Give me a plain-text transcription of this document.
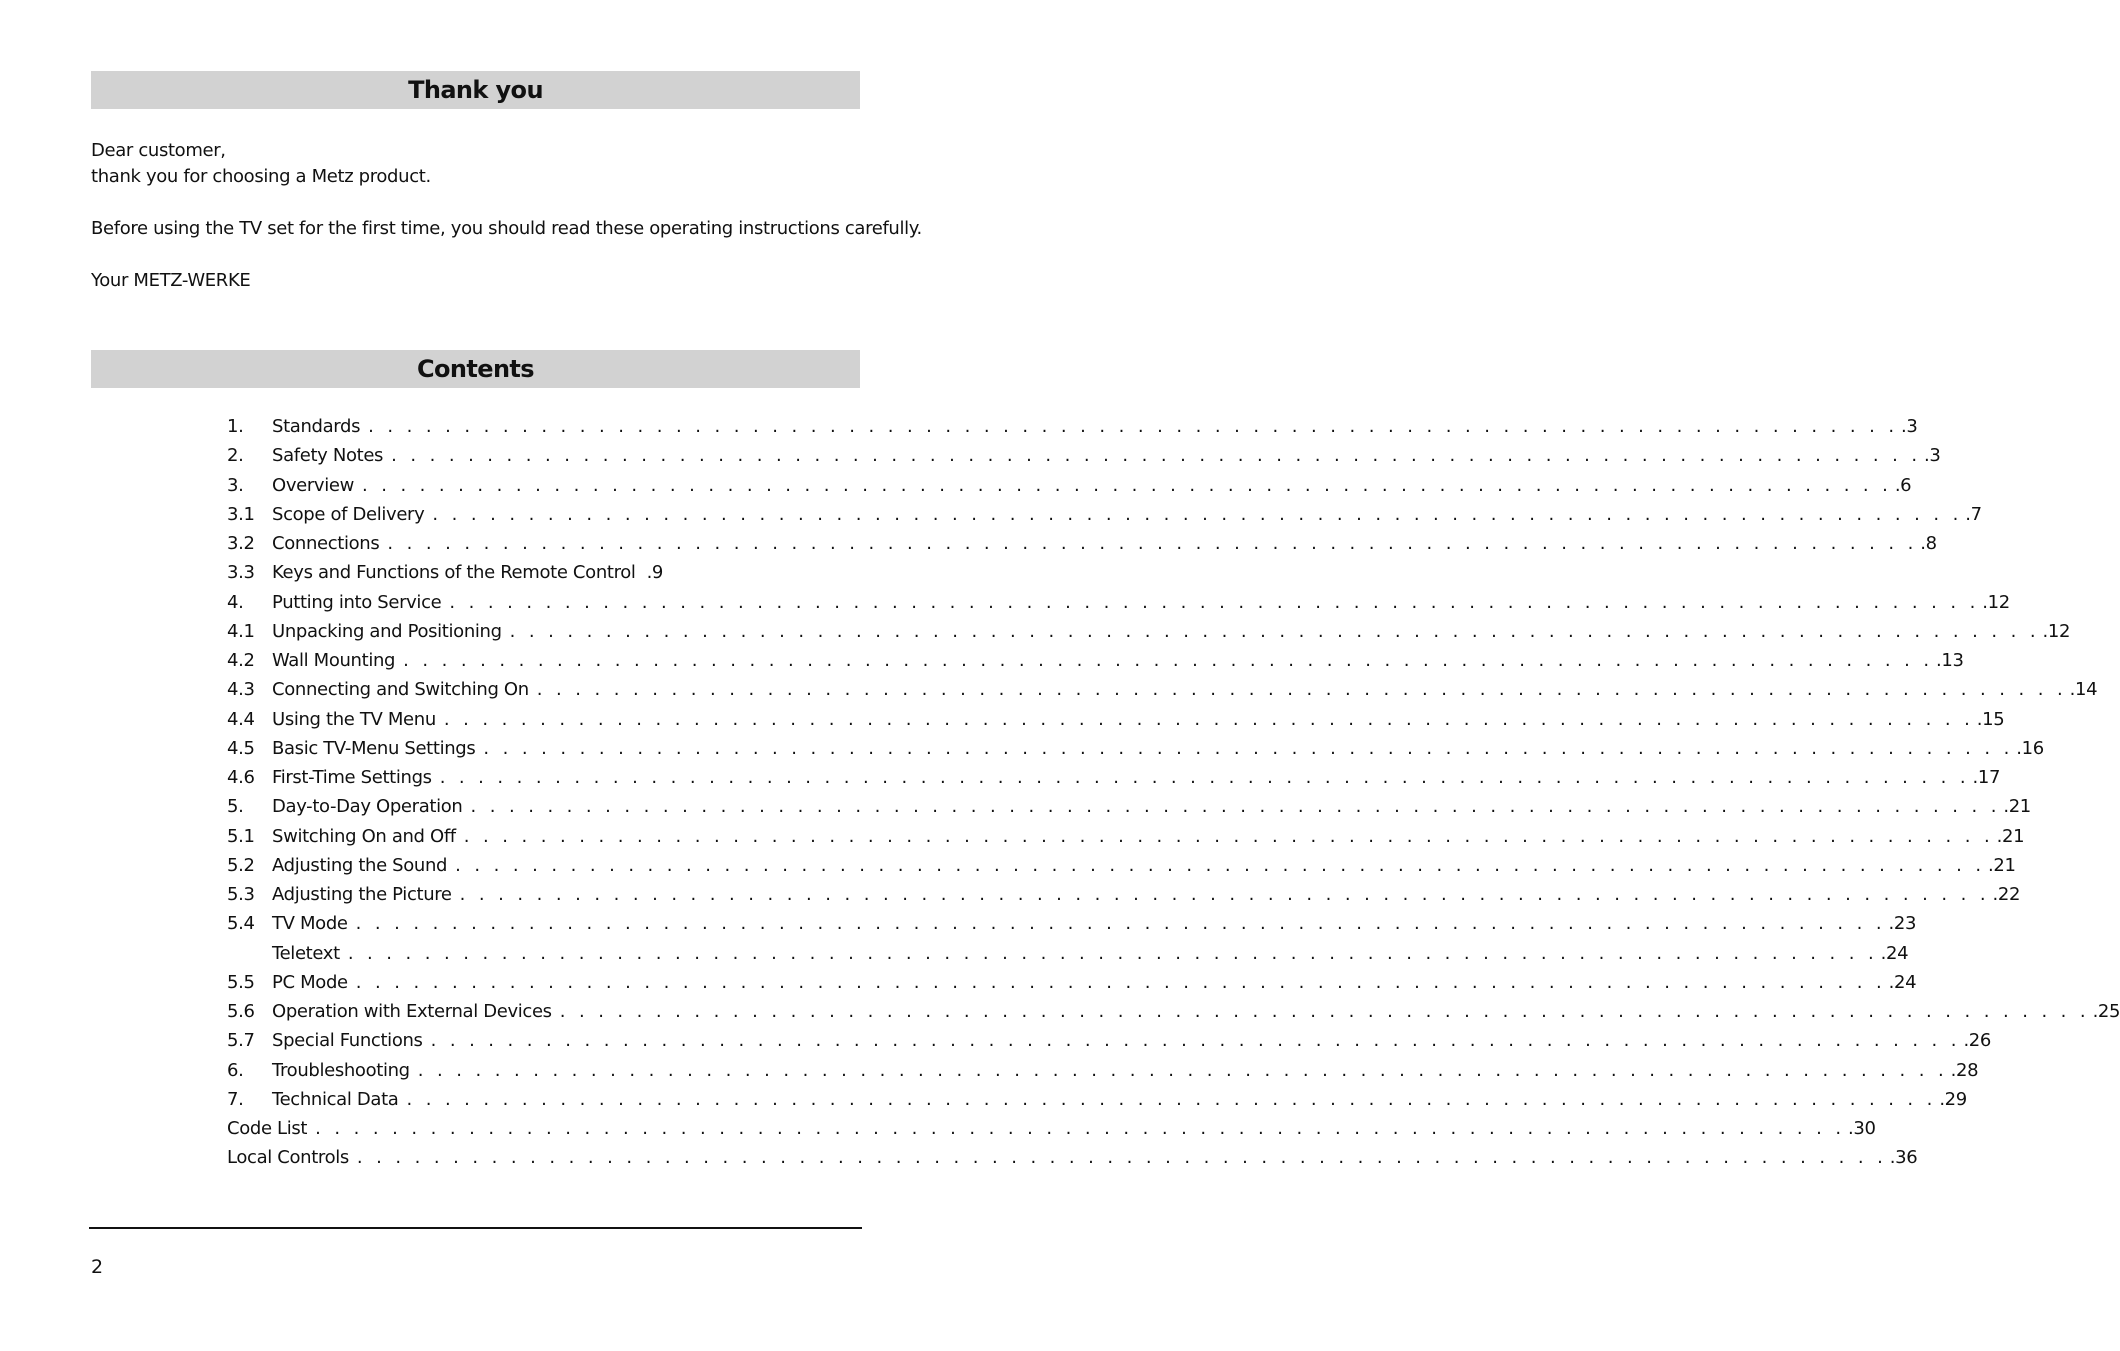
Thank you
Dear customer,
thank you for choosing a Metz product.
Before using the TV set for the first time, you should read these operating instructions carefully.
Your METZ-WERKE
Contents
1. Standards . . . . . . . . . . . . . . . . . . . . . . . . . . . . . . . . . . . . . . . . . . . . . . . . . . . . . . . . . . . . . . . . . . . . . . . . . . . . . . . . .3
2. Safety Notes . . . . . . . . . . . . . . . . . . . . . . . . . . . . . . . . . . . . . . . . . . . . . . . . . . . . . . . . . . . . . . . . . . . . . . . . . . . . . . . . .3
3. Overview . . . . . . . . . . . . . . . . . . . . . . . . . . . . . . . . . . . . . . . . . . . . . . . . . . . . . . . . . . . . . . . . . . . . . . . . . . . . . . . . .6
3.1 Scope of Delivery . . . . . . . . . . . . . . . . . . . . . . . . . . . . . . . . . . . . . . . . . . . . . . . . . . . . . . . . . . . . . . . . . . . . . . . . . . . . . . . . .7
3.2 Connections . . . . . . . . . . . . . . . . . . . . . . . . . . . . . . . . . . . . . . . . . . . . . . . . . . . . . . . . . . . . . . . . . . . . . . . . . . . . . . . . .8
3.3 Keys and Functions of the Remote Control .9
4. Putting into Service . . . . . . . . . . . . . . . . . . . . . . . . . . . . . . . . . . . . . . . . . . . . . . . . . . . . . . . . . . . . . . . . . . . . . . . . . . . . . . . . .12
4.1 Unpacking and Positioning . . . . . . . . . . . . . . . . . . . . . . . . . . . . . . . . . . . . . . . . . . . . . . . . . . . . . . . . . . . . . . . . . . . . . . . . . . . . . . . . .12
4.2 Wall Mounting . . . . . . . . . . . . . . . . . . . . . . . . . . . . . . . . . . . . . . . . . . . . . . . . . . . . . . . . . . . . . . . . . . . . . . . . . . . . . . . . .13
4.3 Connecting and Switching On . . . . . . . . . . . . . . . . . . . . . . . . . . . . . . . . . . . . . . . . . . . . . . . . . . . . . . . . . . . . . . . . . . . . . . . . . . . . . . . . .14
4.4 Using the TV Menu . . . . . . . . . . . . . . . . . . . . . . . . . . . . . . . . . . . . . . . . . . . . . . . . . . . . . . . . . . . . . . . . . . . . . . . . . . . . . . . . .15
4.5 Basic TV-Menu Settings . . . . . . . . . . . . . . . . . . . . . . . . . . . . . . . . . . . . . . . . . . . . . . . . . . . . . . . . . . . . . . . . . . . . . . . . . . . . . . . . .16
4.6 First-Time Settings . . . . . . . . . . . . . . . . . . . . . . . . . . . . . . . . . . . . . . . . . . . . . . . . . . . . . . . . . . . . . . . . . . . . . . . . . . . . . . . . .17
5. Day-to-Day Operation . . . . . . . . . . . . . . . . . . . . . . . . . . . . . . . . . . . . . . . . . . . . . . . . . . . . . . . . . . . . . . . . . . . . . . . . . . . . . . . . .21
5.1 Switching On and Off . . . . . . . . . . . . . . . . . . . . . . . . . . . . . . . . . . . . . . . . . . . . . . . . . . . . . . . . . . . . . . . . . . . . . . . . . . . . . . . . .21
5.2 Adjusting the Sound . . . . . . . . . . . . . . . . . . . . . . . . . . . . . . . . . . . . . . . . . . . . . . . . . . . . . . . . . . . . . . . . . . . . . . . . . . . . . . . . .21
5.3 Adjusting the Picture . . . . . . . . . . . . . . . . . . . . . . . . . . . . . . . . . . . . . . . . . . . . . . . . . . . . . . . . . . . . . . . . . . . . . . . . . . . . . . . . .22
5.4 TV Mode . . . . . . . . . . . . . . . . . . . . . . . . . . . . . . . . . . . . . . . . . . . . . . . . . . . . . . . . . . . . . . . . . . . . . . . . . . . . . . . . .23
Teletext . . . . . . . . . . . . . . . . . . . . . . . . . . . . . . . . . . . . . . . . . . . . . . . . . . . . . . . . . . . . . . . . . . . . . . . . . . . . . . . . .24
5.5 PC Mode . . . . . . . . . . . . . . . . . . . . . . . . . . . . . . . . . . . . . . . . . . . . . . . . . . . . . . . . . . . . . . . . . . . . . . . . . . . . . . . . .24
5.6 Operation with External Devices . . . . . . . . . . . . . . . . . . . . . . . . . . . . . . . . . . . . . . . . . . . . . . . . . . . . . . . . . . . . . . . . . . . . . . . . . . . . . . . . .25
5.7 Special Functions . . . . . . . . . . . . . . . . . . . . . . . . . . . . . . . . . . . . . . . . . . . . . . . . . . . . . . . . . . . . . . . . . . . . . . . . . . . . . . . . .26
6. Troubleshooting . . . . . . . . . . . . . . . . . . . . . . . . . . . . . . . . . . . . . . . . . . . . . . . . . . . . . . . . . . . . . . . . . . . . . . . . . . . . . . . . .28
7. Technical Data . . . . . . . . . . . . . . . . . . . . . . . . . . . . . . . . . . . . . . . . . . . . . . . . . . . . . . . . . . . . . . . . . . . . . . . . . . . . . . . . .29
Code List . . . . . . . . . . . . . . . . . . . . . . . . . . . . . . . . . . . . . . . . . . . . . . . . . . . . . . . . . . . . . . . . . . . . . . . . . . . . . . . . .30
Local Controls . . . . . . . . . . . . . . . . . . . . . . . . . . . . . . . . . . . . . . . . . . . . . . . . . . . . . . . . . . . . . . . . . . . . . . . . . . . . . . . . .36
2
